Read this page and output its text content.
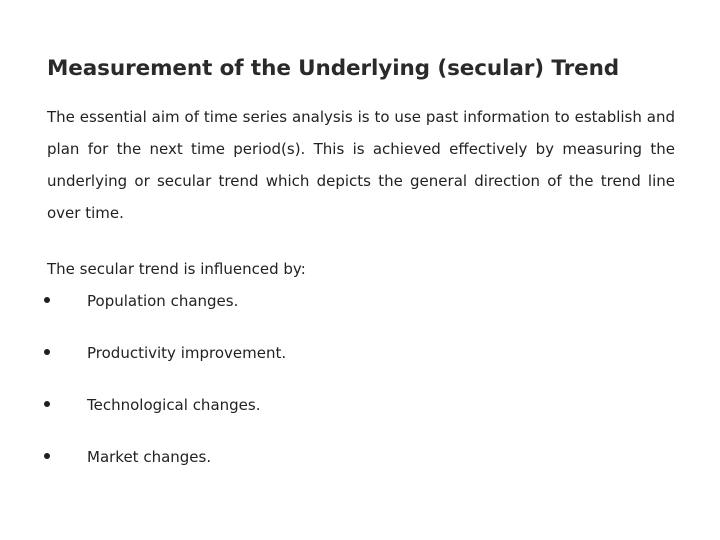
Measurement of the Underlying (secular) Trend

The essential aim of time series analysis is to use past information to establish and plan for the next time period(s). This is achieved effectively by measuring the underlying or secular trend which depicts the general direction of the trend line over time.

The secular trend is influenced by:

Population changes.
Productivity improvement.
Technological changes.
Market changes.
